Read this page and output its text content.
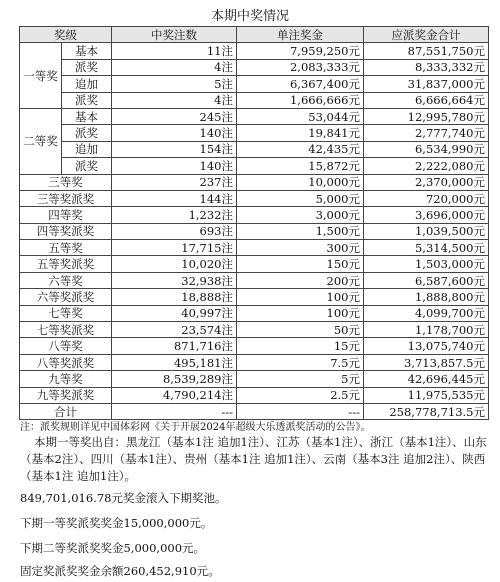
本期中奖情况
奖级		中奖注数	单注奖金	应派奖金合计
一等奖	基本	11注	7,959,250元	87,551,750元
	派奖	4注	2,083,333元	8,333,332元
	追加	5注	6,367,400元	31,837,000元
	派奖	4注	1,666,666元	6,666,664元
二等奖	基本	245注	53,044元	12,995,780元
	派奖	140注	19,841元	2,777,740元
	追加	154注	42,435元	6,534,990元
	派奖	140注	15,872元	2,222,080元
三等奖		237注	10,000元	2,370,000元
三等奖派奖		144注	5,000元	720,000元
四等奖		1,232注	3,000元	3,696,000元
四等奖派奖		693注	1,500元	1,039,500元
五等奖		17,715注	300元	5,314,500元
五等奖派奖		10,020注	150元	1,503,000元
六等奖		32,938注	200元	6,587,600元
六等奖派奖		18,888注	100元	1,888,800元
七等奖		40,997注	100元	4,099,700元
七等奖派奖		23,574注	50元	1,178,700元
八等奖		871,716注	15元	13,075,740元
八等奖派奖		495,181注	7.5元	3,713,857.5元
九等奖		8,539,289注	5元	42,696,445元
九等奖派奖		4,790,214注	2.5元	11,975,535元
合计		---	---	258,778,713.5元
注：派奖规则详见中国体彩网《关于开展2024年超级大乐透派奖活动的公告》。
本期一等奖出自：黑龙江（基本1注 追加1注）、江苏（基本1注）、浙江（基本1注）、山东（基本2注）、四川（基本1注）、贵州（基本1注 追加1注）、云南（基本3注 追加2注）、陕西（基本1注 追加1注）。
849,701,016.78元奖金滚入下期奖池。
下期一等奖派奖奖金15,000,000元。
下期二等奖派奖奖金5,000,000元。
固定奖派奖奖金余额260,452,910元。
